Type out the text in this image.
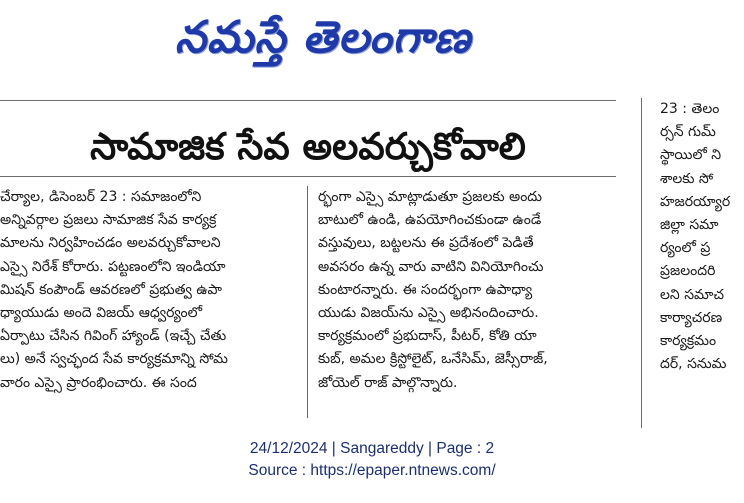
నమస్తే తెలంగాణ
సామాజిక సేవ అలవర్చుకోవాలి
చేర్యాల, డిసెంబర్ 23 : సమాజంలోని
అన్నివర్గాల ప్రజలు సామాజిక సేవ కార్యక్ర
మాలను నిర్వహించడం అలవర్చుకోవాలని
ఎస్సై నిరేశ్ కోరారు. పట్టణంలోని ఇండియా
మిషన్ కంపౌండ్ ఆవరణలో ప్రభుత్వ ఉపా
ధ్యాయుడు అందె విజయ్ ఆధ్వర్యంలో
ఏర్పాటు చేసిన గివింగ్ హ్యాండ్ (ఇచ్చే చేతు
లు) అనే స్వచ్ఛంద సేవ కార్యక్రమాన్ని సోమ
వారం ఎస్సై ప్రారంభించారు. ఈ సంద
ర్భంగా ఎస్సై మాట్లాడుతూ ప్రజలకు అందు
బాటులో ఉండి, ఉపయోగించకుండా ఉండే
వస్తువులు, బట్టలను ఈ ప్రదేశంలో పెడితే
అవసరం ఉన్న వారు వాటిని వినియోగించు
కుంటారన్నారు. ఈ సందర్భంగా ఉపాధ్యా
యుడు విజయ్‌ను ఎస్సై అభినందించారు.
కార్యక్రమంలో ప్రభుదాస్, పీటర్, కోతి యా
కుబ్, అమల క్రిస్టోలైట్, ఒనేసిమ్, జెస్సీరాజ్,
జోయెల్ రాజ్ పాల్గొన్నారు.
23 : తెలం
ర్సన్ గుమ్
స్థాయిలో ని
శాలకు సో
హజరయ్యార
జిల్లా సమా
ర్యంలో ప్ర
ప్రజలందరి
లని సమాచ
కార్యాచరణ
కార్యక్రమం
దర్, సనుమ
24/12/2024 | Sangareddy | Page : 2
Source : https://epaper.ntnews.com/
